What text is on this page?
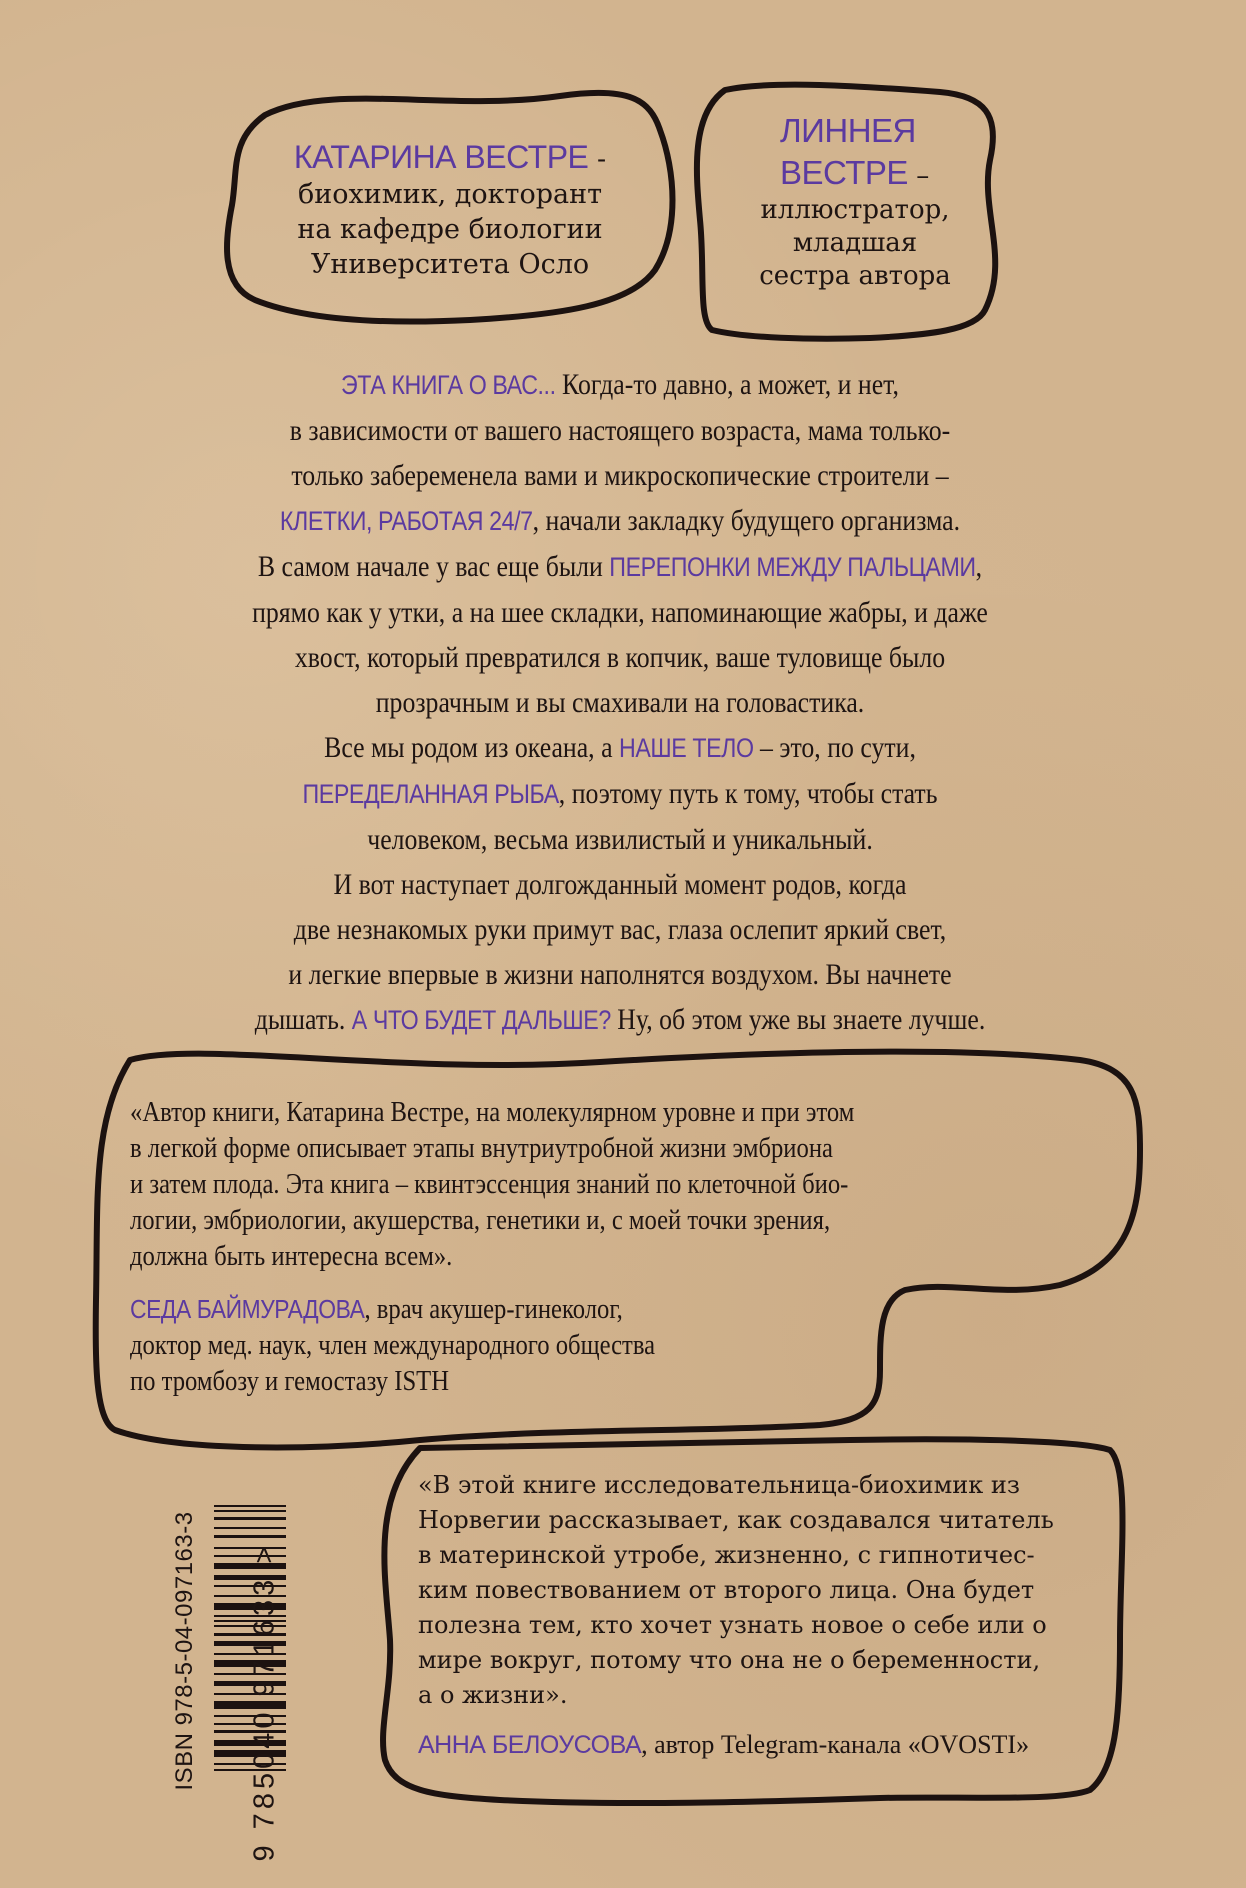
КАТАРИНА ВЕСТРЕ -
биохимик, докторант
на кафедре биологии
Университета Осло
ЛИННЕЯ
ВЕСТРЕ –
иллюстратор,
младшая
сестра автора
ЭТА КНИГА О ВАС... Когда-то давно, а может, и нет,
в зависимости от вашего настоящего возраста, мама только-
только забеременела вами и микроскопические строители –
КЛЕТКИ, РАБОТАЯ 24/7, начали закладку будущего организма.
В самом начале у вас еще были ПЕРЕПОНКИ МЕЖДУ ПАЛЬЦАМИ,
прямо как у утки, а на шее складки, напоминающие жабры, и даже
хвост, который превратился в копчик, ваше туловище было
прозрачным и вы смахивали на головастика.
Все мы родом из океана, а НАШЕ ТЕЛО – это, по сути,
ПЕРЕДЕЛАННАЯ РЫБА, поэтому путь к тому, чтобы стать
человеком, весьма извилистый и уникальный.
И вот наступает долгожданный момент родов, когда
две незнакомых руки примут вас, глаза ослепит яркий свет,
и легкие впервые в жизни наполнятся воздухом. Вы начнете
дышать. А ЧТО БУДЕТ ДАЛЬШЕ? Ну, об этом уже вы знаете лучше.
«Автор книги, Катарина Вестре, на молекулярном уровне и при этом
в легкой форме описывает этапы внутриутробной жизни эмбриона
и затем плода. Эта книга – квинтэссенция знаний по клеточной био-
логии, эмбриологии, акушерства, генетики и, с моей точки зрения,
должна быть интересна всем».
СЕДА БАЙМУРАДОВА, врач акушер-гинеколог,
доктор мед. наук, член международного общества
по тромбозу и гемостазу ISTH
«В этой книге исследовательница-биохимик из
Норвегии рассказывает, как создавался читатель
в материнской утробе, жизненно, с гипнотичес-
ким повествованием от второго лица. Она будет
полезна тем, кто хочет узнать новое о себе или о
мире вокруг, потому что она не о беременности,
а о жизни».
АННА БЕЛОУСОВА, автор Telegram-канала «OVOSTI»
ISBN 978-5-04-097163-3 9 785040 971633 >
